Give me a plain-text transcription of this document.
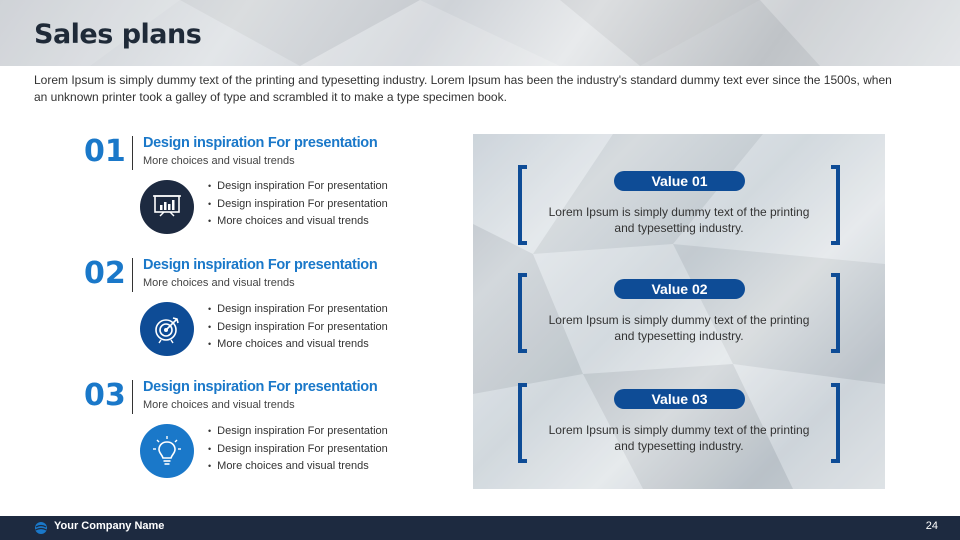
Sales plans
Lorem Ipsum is simply dummy text of the printing and typesetting industry. Lorem Ipsum has been the industry's standard dummy text ever since the 1500s, when an unknown printer took a galley of type and scrambled it to make a type specimen book.
01 Design inspiration For presentation
More choices and visual trends
• Design inspiration For presentation
• Design inspiration For presentation
• More choices and visual trends
02 Design inspiration For presentation
More choices and visual trends
• Design inspiration For presentation
• Design inspiration For presentation
• More choices and visual trends
03 Design inspiration For presentation
More choices and visual trends
• Design inspiration For presentation
• Design inspiration For presentation
• More choices and visual trends
Value 01
Lorem Ipsum is simply dummy text of the printing and typesetting industry.
Value 02
Lorem Ipsum is simply dummy text of the printing and typesetting industry.
Value 03
Lorem Ipsum is simply dummy text of the printing and typesetting industry.
Your Company Name	24
